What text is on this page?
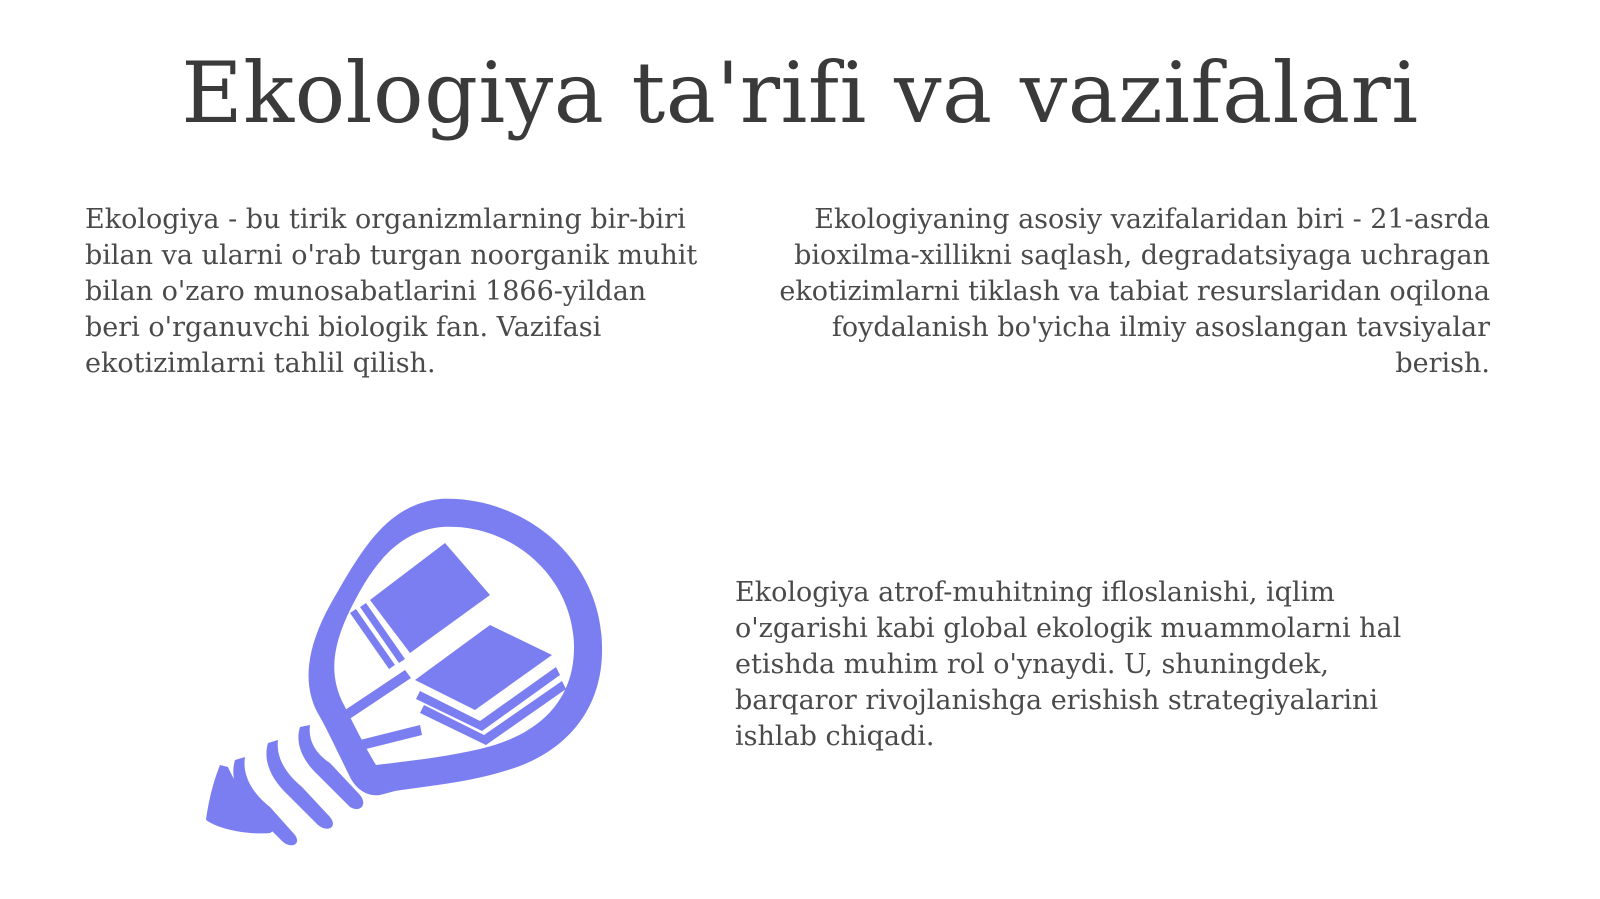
Ekologiya ta'rifi va vazifalari

Ekologiya - bu tirik organizmlarning bir-biri bilan va ularni o'rab turgan noorganik muhit bilan o'zaro munosabatlarini 1866-yildan beri o'rganuvchi biologik fan. Vazifasi ekotizimlarni tahlil qilish.

Ekologiyaning asosiy vazifalaridan biri - 21-asrda bioxilma-xillikni saqlash, degradatsiyaga uchragan ekotizimlarni tiklash va tabiat resurslaridan oqilona foydalanish bo'yicha ilmiy asoslangan tavsiyalar berish.

Ekologiya atrof-muhitning ifloslanishi, iqlim o'zgarishi kabi global ekologik muammolarni hal etishda muhim rol o'ynaydi. U, shuningdek, barqaror rivojlanishga erishish strategiyalarini ishlab chiqadi.
